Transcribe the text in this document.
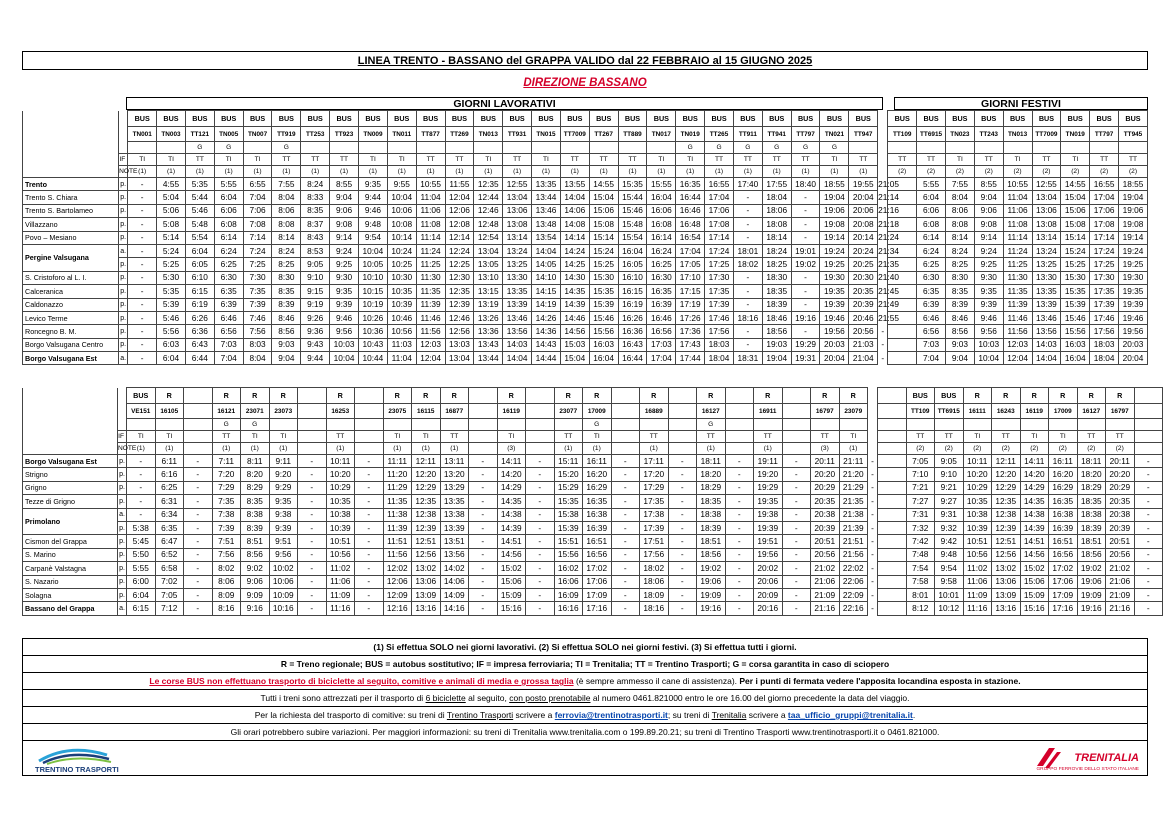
LINEA TRENTO - BASSANO del GRAPPA VALIDO dal 22 FEBBRAIO al 15 GIUGNO 2025
DIREZIONE BASSANO
GIORNI LAVORATIVI	GIORNI FESTIVI
		BUS	BUS	BUS	BUS	BUS	BUS	BUS	BUS	BUS	BUS	BUS	BUS	BUS	BUS	BUS	BUS	BUS	BUS	BUS	BUS	BUS	BUS	BUS	BUS	BUS	BUS		BUS	BUS	BUS	BUS	BUS	BUS	BUS	BUS	BUS
		TN001	TN003	TT121	TN005	TN007	TT919	TT253	TT923	TN009	TN011	TT877	TT269	TN013	TT931	TN015	TT7009	TT267	TT889	TN017	TN019	TT265	TT911	TT941	TT797	TN021	TT947		TT109	TT6915	TN023	TT243	TN013	TT7009	TN019	TT797	TT945
				G	G		G														G	G	G	G	G	G											
	IF	TI	TI	TT	TI	TI	TT	TT	TT	TI	TI	TT	TT	TI	TT	TI	TT	TT	TT	TI	TI	TT	TT	TT	TT	TI	TT		TT	TT	TI	TT	TI	TT	TI	TT	TT
	NOTE	(1)	(1)	(1)	(1)	(1)	(1)	(1)	(1)	(1)	(1)	(1)	(1)	(1)	(1)	(1)	(1)	(1)	(1)	(1)	(1)	(1)	(1)	(1)	(1)	(1)	(1)		(2)	(2)	(2)	(2)	(2)	(2)	(2)	(2)	(2)
Trento	p.	-	4:55	5:35	5:55	6:55	7:55	8:24	8:55	9:35	9:55	10:55	11:55	12:35	12:55	13:35	13:55	14:55	15:35	15:55	16:35	16:55	17:40	17:55	18:40	18:55	19:55	21:05		5:55	7:55	8:55	10:55	12:55	14:55	16:55	18:55
Trento S. Chiara	p.	-	5:04	5:44	6:04	7:04	8:04	8:33	9:04	9:44	10:04	11:04	12:04	12:44	13:04	13:44	14:04	15:04	15:44	16:04	16:44	17:04	-	18:04	-	19:04	20:04	21:14		6:04	8:04	9:04	11:04	13:04	15:04	17:04	19:04
Trento S. Bartolameo	p.	-	5:06	5:46	6:06	7:06	8:06	8:35	9:06	9:46	10:06	11:06	12:06	12:46	13:06	13:46	14:06	15:06	15:46	16:06	16:46	17:06	-	18:06	-	19:06	20:06	21:16		6:06	8:06	9:06	11:06	13:06	15:06	17:06	19:06
Villazzano	p.	-	5:08	5:48	6:08	7:08	8:08	8:37	9:08	9:48	10:08	11:08	12:08	12:48	13:08	13:48	14:08	15:08	15:48	16:08	16:48	17:08	-	18:08	-	19:08	20:08	21:18		6:08	8:08	9:08	11:08	13:08	15:08	17:08	19:08
Povo – Mesiano	p.	-	5:14	5:54	6:14	7:14	8:14	8:43	9:14	9:54	10:14	11:14	12:14	12:54	13:14	13:54	14:14	15:14	15:54	16:14	16:54	17:14	-	18:14	-	19:14	20:14	21:24		6:14	8:14	9:14	11:14	13:14	15:14	17:14	19:14
Pergine Valsugana	a.	-	5:24	6:04	6:24	7:24	8:24	8:53	9:24	10:04	10:24	11:24	12:24	13:04	13:24	14:04	14:24	15:24	16:04	16:24	17:04	17:24	18:01	18:24	19:01	19:24	20:24	21:34		6:24	8:24	9:24	11:24	13:24	15:24	17:24	19:24
	p.	-	5:25	6:05	6:25	7:25	8:25	9:05	9:25	10:05	10:25	11:25	12:25	13:05	13:25	14:05	14:25	15:25	16:05	16:25	17:05	17:25	18:02	18:25	19:02	19:25	20:25	21:35		6:25	8:25	9:25	11:25	13:25	15:25	17:25	19:25
S. Cristoforo al L. I.	p.	-	5:30	6:10	6:30	7:30	8:30	9:10	9:30	10:10	10:30	11:30	12:30	13:10	13:30	14:10	14:30	15:30	16:10	16:30	17:10	17:30	-	18:30	-	19:30	20:30	21:40		6:30	8:30	9:30	11:30	13:30	15:30	17:30	19:30
Calceranica	p.	-	5:35	6:15	6:35	7:35	8:35	9:15	9:35	10:15	10:35	11:35	12:35	13:15	13:35	14:15	14:35	15:35	16:15	16:35	17:15	17:35	-	18:35	-	19:35	20:35	21:45		6:35	8:35	9:35	11:35	13:35	15:35	17:35	19:35
Caldonazzo	p.	-	5:39	6:19	6:39	7:39	8:39	9:19	9:39	10:19	10:39	11:39	12:39	13:19	13:39	14:19	14:39	15:39	16:19	16:39	17:19	17:39	-	18:39	-	19:39	20:39	21:49		6:39	8:39	9:39	11:39	13:39	15:39	17:39	19:39
Levico Terme	p.	-	5:46	6:26	6:46	7:46	8:46	9:26	9:46	10:26	10:46	11:46	12:46	13:26	13:46	14:26	14:46	15:46	16:26	16:46	17:26	17:46	18:16	18:46	19:16	19:46	20:46	21:55		6:46	8:46	9:46	11:46	13:46	15:46	17:46	19:46
Roncegno B. M.	p.	-	5:56	6:36	6:56	7:56	8:56	9:36	9:56	10:36	10:56	11:56	12:56	13:36	13:56	14:36	14:56	15:56	16:36	16:56	17:36	17:56	-	18:56	-	19:56	20:56	-		6:56	8:56	9:56	11:56	13:56	15:56	17:56	19:56
Borgo Valsugana Centro	p.	-	6:03	6:43	7:03	8:03	9:03	9:43	10:03	10:43	11:03	12:03	13:03	13:43	14:03	14:43	15:03	16:03	16:43	17:03	17:43	18:03	-	19:03	19:29	20:03	21:03	-		7:03	9:03	10:03	12:03	14:03	16:03	18:03	20:03
Borgo Valsugana Est	a.	-	6:04	6:44	7:04	8:04	9:04	9:44	10:04	10:44	11:04	12:04	13:04	13:44	14:04	14:44	15:04	16:04	16:44	17:04	17:44	18:04	18:31	19:04	19:31	20:04	21:04	-		7:04	9:04	10:04	12:04	14:04	16:04	18:04	20:04
		BUS	R		R	R	R		R		R	R	R		R		R	R		R		R		R		R	R			BUS	BUS	R	R	R	R	R	R	
		VE151	16105		16121	23071	23073		16253		23075	16115	16877		16119		23077	17009		16889		16127		16911		16797	23079			TT109	TT6915	16111	16243	16119	17009	16127	16797	
					G	G												G				G																
	IF	TI	TI		TT	TI	TI		TT		TI	TI	TT		TI		TT	TI		TT		TT		TT		TT	TI			TT	TT	TI	TT	TI	TI	TT	TT	
	NOTE	(1)	(1)		(1)	(1)	(1)		(1)		(1)	(1)	(1)		(3)		(1)	(1)		(1)		(1)		(1)		(3)	(1)			(2)	(2)	(2)	(2)	(2)	(2)	(2)	(2)	
Borgo Valsugana Est	p.	-	6:11	-	7:11	8:11	9:11	-	10:11	-	11:11	12:11	13:11	-	14:11	-	15:11	16:11	-	17:11	-	18:11	-	19:11	-	20:11	21:11	-		7:05	9:05	10:11	12:11	14:11	16:11	18:11	20:11	-
Strigno	p.	-	6:16	-	7:20	8:20	9:20	-	10:20	-	11:20	12:20	13:20	-	14:20	-	15:20	16:20	-	17:20	-	18:20	-	19:20	-	20:20	21:20	-		7:10	9:10	10:20	12:20	14:20	16:20	18:20	20:20	-
Grigno	p.	-	6:25	-	7:29	8:29	9:29	-	10:29	-	11:29	12:29	13:29	-	14:29	-	15:29	16:29	-	17:29	-	18:29	-	19:29	-	20:29	21:29	-		7:21	9:21	10:29	12:29	14:29	16:29	18:29	20:29	-
Tezze di Grigno	p.	-	6:31	-	7:35	8:35	9:35	-	10:35	-	11:35	12:35	13:35	-	14:35	-	15:35	16:35	-	17:35	-	18:35	-	19:35	-	20:35	21:35	-		7:27	9:27	10:35	12:35	14:35	16:35	18:35	20:35	-
Primolano	a.	-	6:34	-	7:38	8:38	9:38	-	10:38	-	11:38	12:38	13:38	-	14:38	-	15:38	16:38	-	17:38	-	18:38	-	19:38	-	20:38	21:38	-		7:31	9:31	10:38	12:38	14:38	16:38	18:38	20:38	-
	p.	5:38	6:35	-	7:39	8:39	9:39	-	10:39	-	11:39	12:39	13:39	-	14:39	-	15:39	16:39	-	17:39	-	18:39	-	19:39	-	20:39	21:39	-		7:32	9:32	10:39	12:39	14:39	16:39	18:39	20:39	-
Cismon del Grappa	p.	5:45	6:47	-	7:51	8:51	9:51	-	10:51	-	11:51	12:51	13:51	-	14:51	-	15:51	16:51	-	17:51	-	18:51	-	19:51	-	20:51	21:51	-		7:42	9:42	10:51	12:51	14:51	16:51	18:51	20:51	-
S. Marino	p.	5:50	6:52	-	7:56	8:56	9:56	-	10:56	-	11:56	12:56	13:56	-	14:56	-	15:56	16:56	-	17:56	-	18:56	-	19:56	-	20:56	21:56	-		7:48	9:48	10:56	12:56	14:56	16:56	18:56	20:56	-
Carpanè Valstagna	p.	5:55	6:58	-	8:02	9:02	10:02	-	11:02	-	12:02	13:02	14:02	-	15:02	-	16:02	17:02	-	18:02	-	19:02	-	20:02	-	21:02	22:02	-		7:54	9:54	11:02	13:02	15:02	17:02	19:02	21:02	-
S. Nazario	p.	6:00	7:02	-	8:06	9:06	10:06	-	11:06	-	12:06	13:06	14:06	-	15:06	-	16:06	17:06	-	18:06	-	19:06	-	20:06	-	21:06	22:06	-		7:58	9:58	11:06	13:06	15:06	17:06	19:06	21:06	-
Solagna	p.	6:04	7:05	-	8:09	9:09	10:09	-	11:09	-	12:09	13:09	14:09	-	15:09	-	16:09	17:09	-	18:09	-	19:09	-	20:09	-	21:09	22:09	-		8:01	10:01	11:09	13:09	15:09	17:09	19:09	21:09	-
Bassano del Grappa	a.	6:15	7:12	-	8:16	9:16	10:16	-	11:16	-	12:16	13:16	14:16	-	15:16	-	16:16	17:16	-	18:16	-	19:16	-	20:16	-	21:16	22:16	-		8:12	10:12	11:16	13:16	15:16	17:16	19:16	21:16	-
(1) Si effettua SOLO nei giorni lavorativi. (2) Si effettua SOLO nei giorni festivi. (3) Si effettua tutti i giorni.
R = Treno regionale; BUS = autobus sostitutivo; IF = impresa ferroviaria; TI = Trenitalia; TT = Trentino Trasporti; G = corsa garantita in caso di sciopero
Le corse BUS non effettuano trasporto di biciclette al seguito, comitive e animali di media e grossa taglia (è sempre ammesso il cane di assistenza). Per i punti di fermata vedere l'apposita locandina esposta in stazione.
Tutti i treni sono attrezzati per il trasporto di 6 biciclette al seguito, con posto prenotabile al numero 0461.821000 entro le ore 16.00 del giorno precedente la data del viaggio.
Per la richiesta del trasporto di comitive: su treni di Trentino Trasporti scrivere a ferrovia@trentinotrasporti.it; su treni di Trenitalia scrivere a taa_ufficio_gruppi@trenitalia.it.
Gli orari potrebbero subire variazioni. Per maggiori informazioni: su treni di Trenitalia www.trenitalia.com o 199.89.20.21; su treni di Trentino Trasporti www.trentinotrasporti.it o 0461.821000.
TRENTINO TRASPORTI
TRENITALIA
GRUPPO FERROVIE DELLO STATO ITALIANE
